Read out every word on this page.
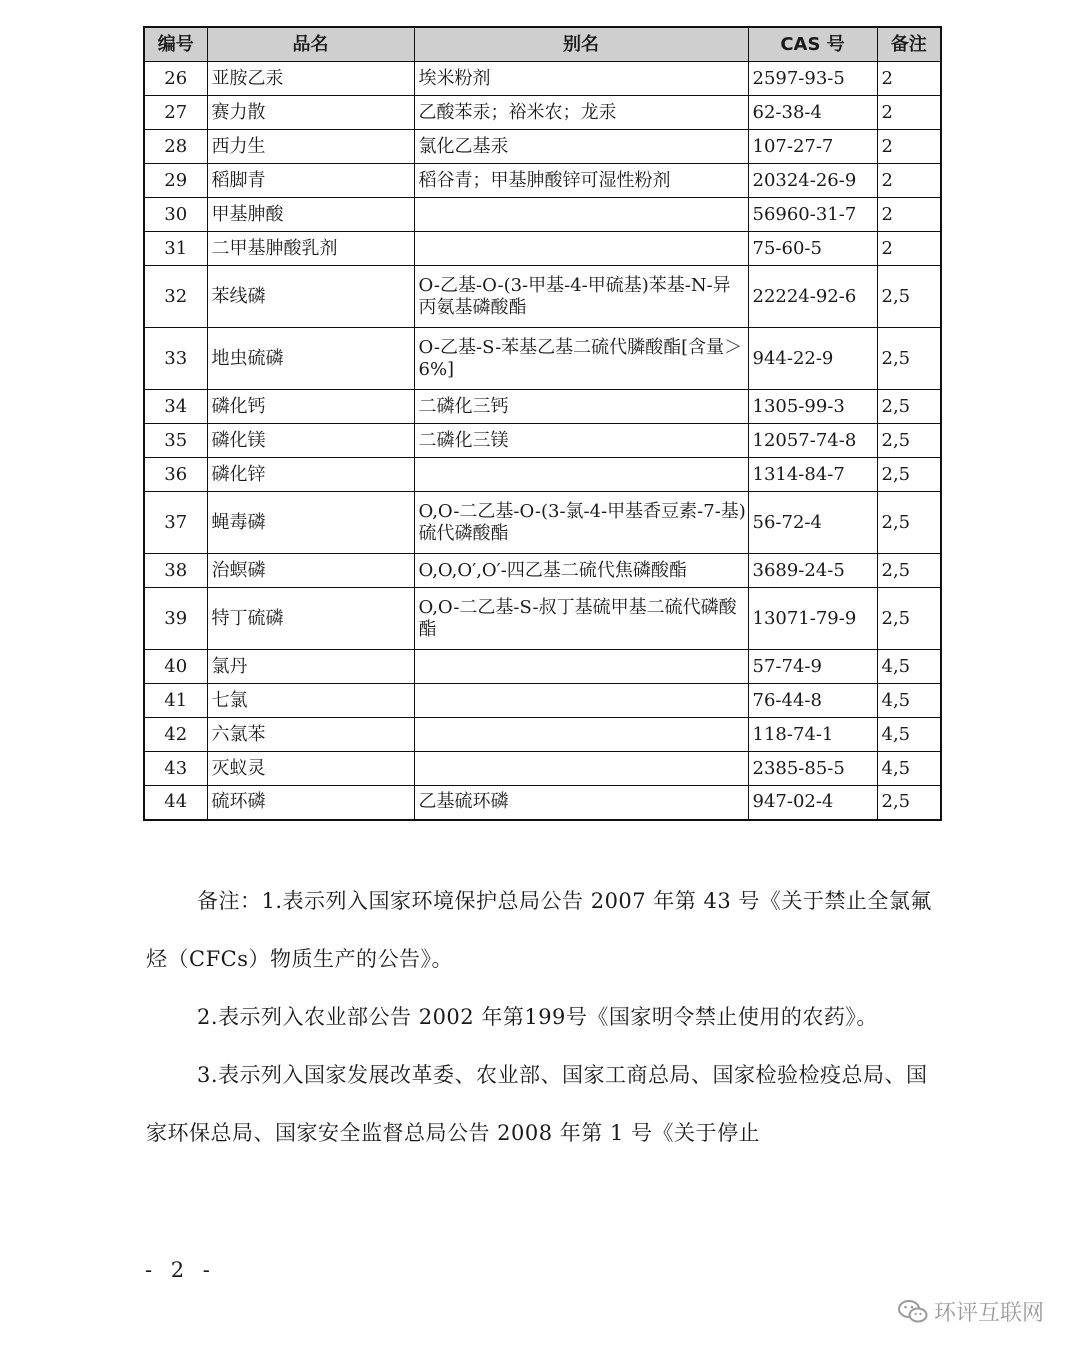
编号	品名	别名	CAS 号	备注
26	亚胺乙汞	埃米粉剂	2597-93-5	2
27	赛力散	乙酸苯汞；裕米农；龙汞	62-38-4	2
28	西力生	氯化乙基汞	107-27-7	2
29	稻脚青	稻谷青；甲基胂酸锌可湿性粉剂	20324-26-9	2
30	甲基胂酸		56960-31-7	2
31	二甲基胂酸乳剂		75-60-5	2
32	苯线磷	O-乙基-O-(3-甲基-4-甲硫基)苯基-N-异丙氨基磷酸酯	22224-92-6	2,5
33	地虫硫磷	O-乙基-S-苯基乙基二硫代膦酸酯[含量＞6%]	944-22-9	2,5
34	磷化钙	二磷化三钙	1305-99-3	2,5
35	磷化镁	二磷化三镁	12057-74-8	2,5
36	磷化锌		1314-84-7	2,5
37	蝇毒磷	O,O-二乙基-O-(3-氯-4-甲基香豆素-7-基)硫代磷酸酯	56-72-4	2,5
38	治螟磷	O,O,O′,O′-四乙基二硫代焦磷酸酯	3689-24-5	2,5
39	特丁硫磷	O,O-二乙基-S-叔丁基硫甲基二硫代磷酸酯	13071-79-9	2,5
40	氯丹		57-74-9	4,5
41	七氯		76-44-8	4,5
42	六氯苯		118-74-1	4,5
43	灭蚁灵		2385-85-5	4,5
44	硫环磷	乙基硫环磷	947-02-4	2,5

备注：1.表示列入国家环境保护总局公告 2007 年第 43 号《关于禁止全氯氟烃（CFCs）物质生产的公告》。

2.表示列入农业部公告 2002 年第199号《国家明令禁止使用的农药》。

3.表示列入国家发展改革委、农业部、国家工商总局、国家检验检疫总局、国家环保总局、国家安全监督总局公告 2008 年第 1 号《关于停止

- 2 -
环评互联网
